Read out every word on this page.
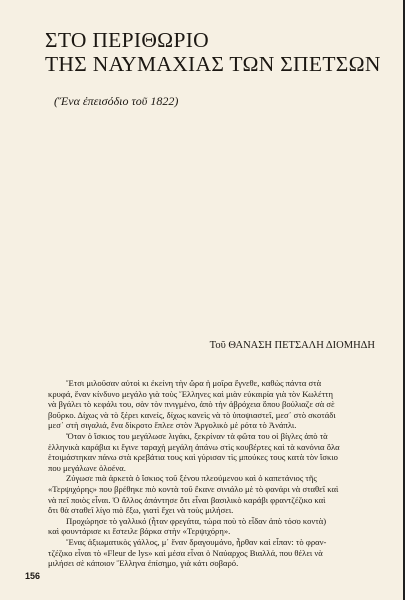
ΣΤΟ ΠΕΡΙΘΩΡΙΟ
ΤΗΣ ΝΑΥΜΑΧΙΑΣ ΤΩΝ ΣΠΕΤΣΩΝ
(Ἕνα ἐπεισόδιο τοῦ 1822)
Τοῦ ΘΑΝΑΣΗ ΠΕΤΣΑΛΗ ΔΙΟΜΗΔΗ
Ἔτσι μιλοῦσαν αὐτοὶ κι ἐκείνη τὴν ὥρα ἡ μοῖρα ἔγνεθε, καθὼς πάντα στὰ
κρυφά, ἕναν κίνδυνο μεγάλο γιὰ τοὺς Ἕλληνες καὶ μιὰν εὐκαιρία γιὰ τὸν Κωλέττη
νὰ βγάλει τὸ κεφάλι του, σὰν τὸν πνιγμένο, ἀπὸ τὴν ἀβρόχεια ὅπου βούλιαζε σὰ σὲ
βοῦρκο. Δίχως νὰ τὸ ξέρει κανείς, δίχως κανεὶς νὰ τὸ ὑποψιαστεῖ, μεσ᾿ στὸ σκοτάδι
μεσ᾿ στὴ σιγαλιά, ἕνα δίκροτο ἔπλεε στὸν Ἀργολικὸ μὲ ρότα τὸ Ἀνάπλι.
Ὅταν ὁ ἴσκιος του μεγάλωσε λιγάκι, ξεκρίναν τὰ φῶτα του οἱ βίγλες ἀπὸ τὰ
ἑλληνικὰ καράβια κι ἔγινε ταραχὴ μεγάλη ἀπάνω στὶς κουβέρτες καὶ τὰ κανόνια ὅλα
ἑτοιμάστηκαν πάνω στὰ κρεβάτια τους καὶ γύρισαν τὶς μπούκες τους κατὰ τὸν ἴσκιο
που μεγάλωνε ὁλοένα.
Ζύγωσε πιὰ ἀρκετὰ ὁ ἴσκιος τοῦ ξένου πλεούμενου καὶ ὁ καπετάνιος τῆς
«Τερψιχόρης» που βρέθηκε πιὸ κοντὰ τοῦ ἔκανε σινιάλο μὲ τὸ φανάρι νὰ σταθεῖ καὶ
νὰ πεῖ ποιὸς εἶναι. Ὁ ἄλλος ἀπάντησε ὅτι εἶναι βασιλικὸ καράβι φραντζέζικο καὶ
ὅτι θὰ σταθεῖ λίγο πιὸ ἔξω, γιατὶ ἔχει νὰ τοὺς μιλήσει.
Προχώρησε τὸ γαλλικό (ἦταν φρεγάτα, τώρα ποὺ τὸ εἶδαν ἀπὸ τόσο κοντὰ)
καὶ φουντάρισε κι ἔστειλε βάρκα στὴν «Τερψιχόρη».
Ἕνας ἀξιωματικὸς γάλλος, μ᾿ ἕναν δραγουμάνο, ἦρθαν καὶ εἶπαν: τὸ φραν-
τζέζικο εἶναι τὸ «Fleur de lys» καὶ μέσα εἶναι ὁ Ναύαρχος Βιαλλά, που θέλει νὰ
μιλήσει σὲ κάποιον Ἕλληνα ἐπίσημο, γιὰ κάτι σοβαρό.
156
